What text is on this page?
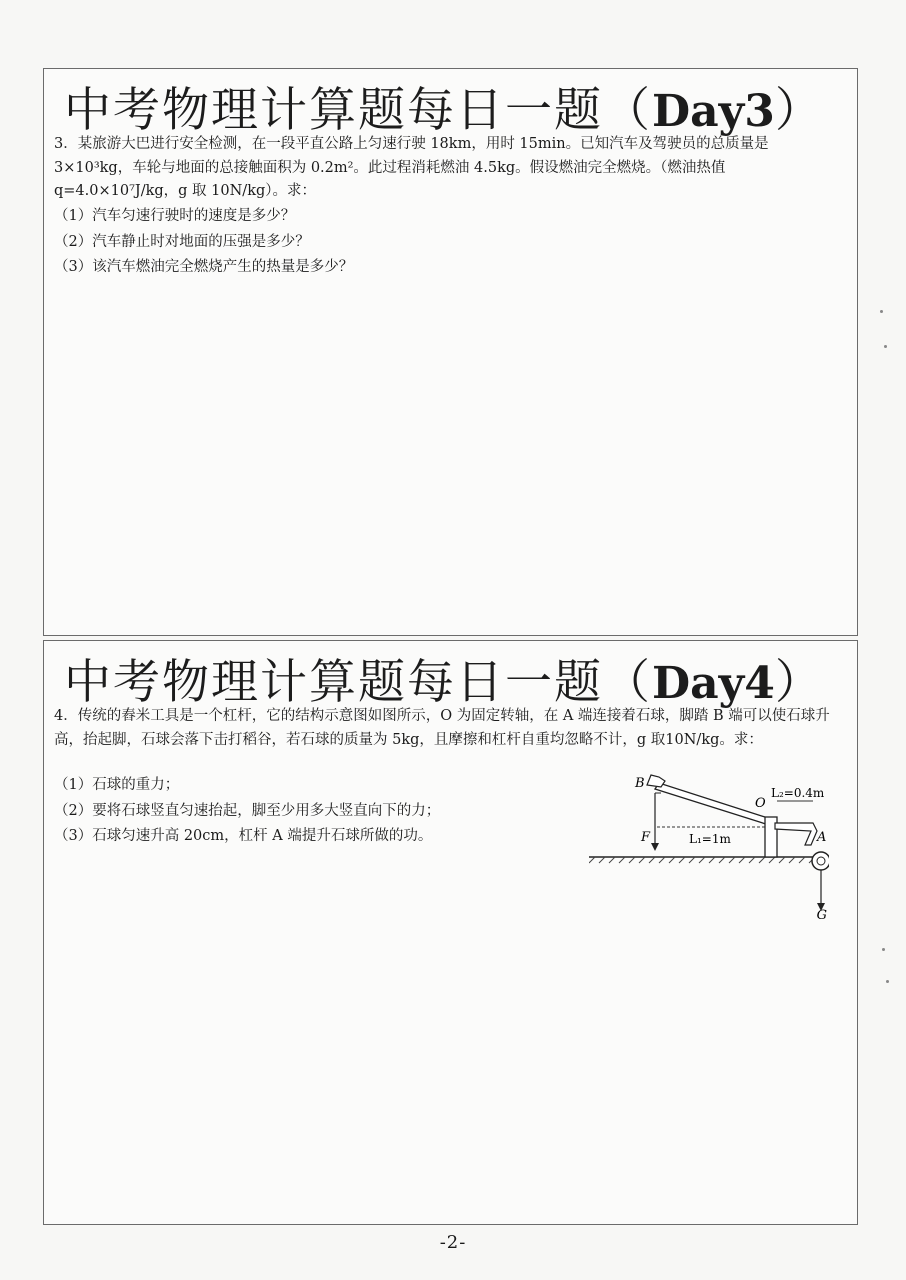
中考物理计算题每日一题（Day3）
3．某旅游大巴进行安全检测，在一段平直公路上匀速行驶 18km，用时 15min。已知汽车及驾驶员的总质量是 3×10³kg，车轮与地面的总接触面积为 0.2m²。此过程消耗燃油 4.5kg。假设燃油完全燃烧。（燃油热值 q=4.0×10⁷J/kg，g 取 10N/kg）。求：
（1）汽车匀速行驶时的速度是多少？
（2）汽车静止时对地面的压强是多少？
（3）该汽车燃油完全燃烧产生的热量是多少？
中考物理计算题每日一题（Day4）
4．传统的舂米工具是一个杠杆，它的结构示意图如图所示，O 为固定转轴，在 A 端连接着石球，脚踏 B 端可以使石球升高，抬起脚，石球会落下击打稻谷，若石球的质量为 5kg，且摩擦和杠杆自重均忽略不计，g 取10N/kg。求：
（1）石球的重力；
（2）要将石球竖直匀速抬起，脚至少用多大竖直向下的力；
（3）石球匀速升高 20cm，杠杆 A 端提升石球所做的功。
B
F
O
A
G
L₁=1m
L₂=0.4m
-2-
